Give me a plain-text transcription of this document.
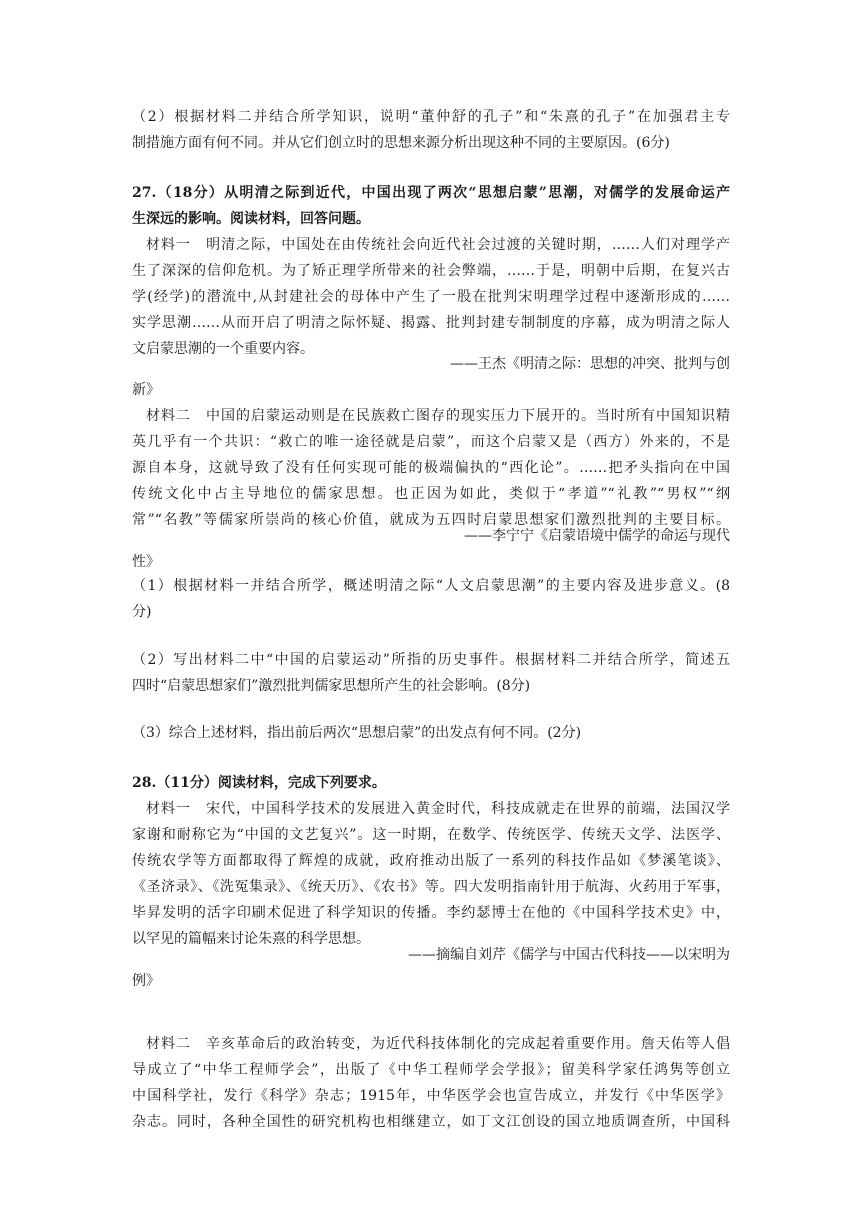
（2）根据材料二并结合所学知识，说明“董仲舒的孔子”和“朱熹的孔子”在加强君主专
制措施方面有何不同。并从它们创立时的思想来源分析出现这种不同的主要原因。(6分)
27.（18分）从明清之际到近代，中国出现了两次“思想启蒙”思潮，对儒学的发展命运产
生深远的影响。阅读材料，回答问题。
材料一　明清之际，中国处在由传统社会向近代社会过渡的关键时期，……人们对理学产
生了深深的信仰危机。为了矫正理学所带来的社会弊端，……于是，明朝中后期，在复兴古
学(经学)的潜流中,从封建社会的母体中产生了一股在批判宋明理学过程中逐渐形成的……
实学思潮……从而开启了明清之际怀疑、揭露、批判封建专制制度的序幕，成为明清之际人
文启蒙思潮的一个重要内容。
——王杰《明清之际：思想的冲突、批判与创
新》
材料二　中国的启蒙运动则是在民族救亡图存的现实压力下展开的。当时所有中国知识精
英几乎有一个共识：“救亡的唯一途径就是启蒙”，而这个启蒙又是（西方）外来的，不是
源自本身，这就导致了没有任何实现可能的极端偏执的“西化论”。……把矛头指向在中国
传统文化中占主导地位的儒家思想。也正因为如此，类似于“孝道”“礼教”“男权”“纲
常”“名教”等儒家所崇尚的核心价值，就成为五四时启蒙思想家们激烈批判的主要目标。
——李宁宁《启蒙语境中儒学的命运与现代
性》
（1）根据材料一并结合所学，概述明清之际“人文启蒙思潮”的主要内容及进步意义。(8
分)
（2）写出材料二中“中国的启蒙运动”所指的历史事件。根据材料二并结合所学，简述五
四时“启蒙思想家们”激烈批判儒家思想所产生的社会影响。(8分)
（3）综合上述材料，指出前后两次“思想启蒙”的出发点有何不同。(2分)
28.（11分）阅读材料，完成下列要求。
材料一　宋代，中国科学技术的发展进入黄金时代，科技成就走在世界的前端，法国汉学
家谢和耐称它为“中国的文艺复兴”。这一时期，在数学、传统医学、传统天文学、法医学、
传统农学等方面都取得了辉煌的成就，政府推动出版了一系列的科技作品如《梦溪笔谈》、
《圣济录》、《洗冤集录》、《统天历》、《农书》等。四大发明指南针用于航海、火药用于军事，
毕昇发明的活字印刷术促进了科学知识的传播。李约瑟博士在他的《中国科学技术史》中，
以罕见的篇幅来讨论朱熹的科学思想。
——摘编自刘芹《儒学与中国古代科技——以宋明为
例》
材料二　辛亥革命后的政治转变，为近代科技体制化的完成起着重要作用。詹天佑等人倡
导成立了“中华工程师学会”，出版了《中华工程师学会学报》；留美科学家任鸿隽等创立
中国科学社，发行《科学》杂志；1915年，中华医学会也宣告成立，并发行《中华医学》
杂志。同时，各种全国性的研究机构也相继建立，如丁文江创设的国立地质调查所，中国科
